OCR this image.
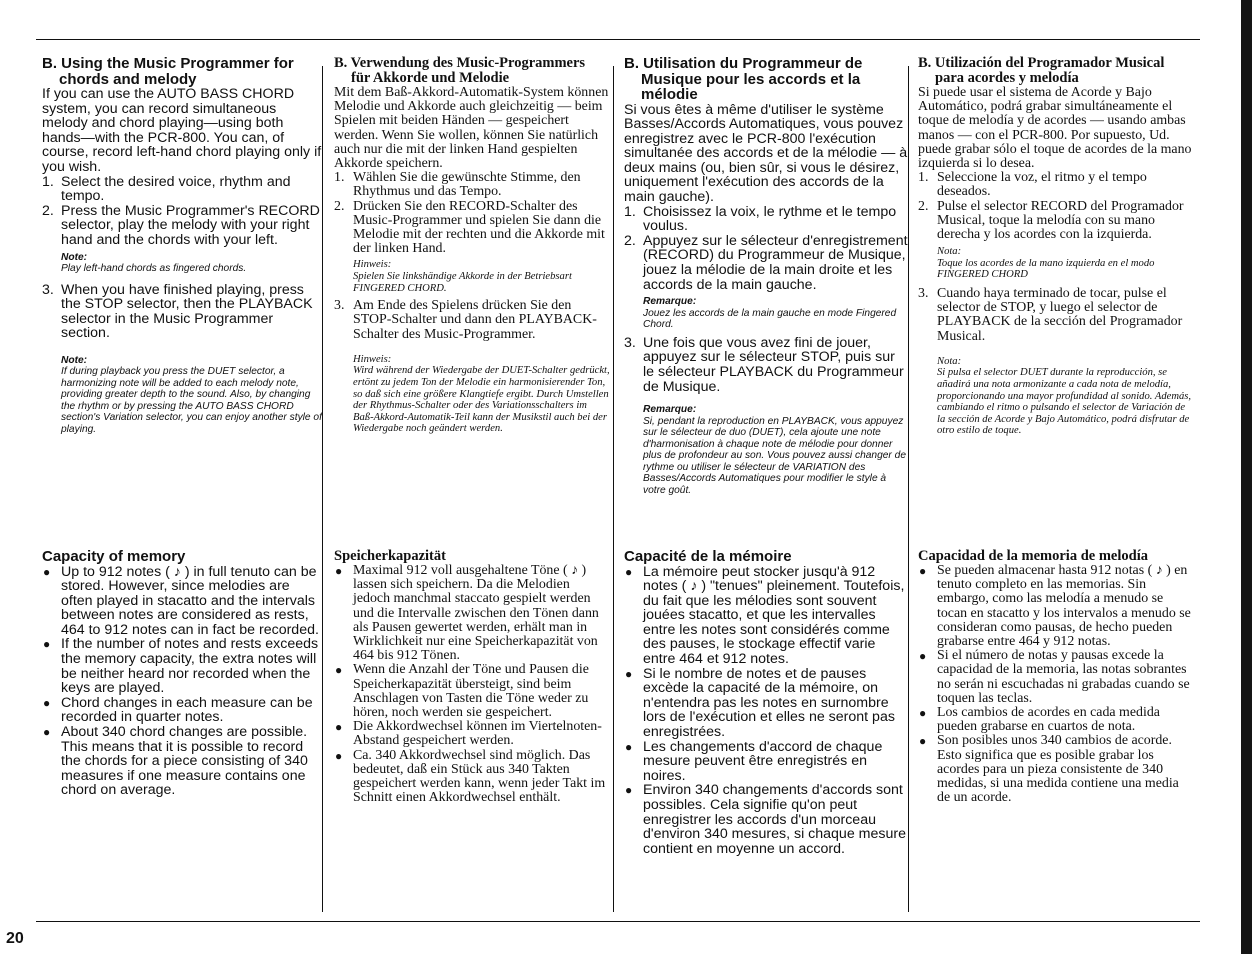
20
B. Using the Music Programmer for
chords and melody

If you can use the AUTO BASS CHORD system, you can record simultaneous melody and chord playing—using both hands—with the PCR-800. You can, of course, record left-hand chord playing only if you wish.

1. Select the desired voice, rhythm and tempo.
2. Press the Music Programmer's RECORD selector, play the melody with your right hand and the chords with your left.
Note:
Play left-hand chords as fingered chords.
3. When you have finished playing, press the STOP selector, then the PLAYBACK selector in the Music Programmer section.
Note:
If during playback you press the DUET selector, a harmonizing note will be added to each melody note, providing greater depth to the sound. Also, by changing the rhythm or by pressing the AUTO BASS CHORD section's Variation selector, you can enjoy another style of playing.
Capacity of memory
● Up to 912 notes ( ♪ ) in full tenuto can be stored. However, since melodies are often played in stacatto and the intervals between notes are considered as rests, 464 to 912 notes can in fact be recorded.
● If the number of notes and rests exceeds the memory capacity, the extra notes will be neither heard nor recorded when the keys are played.
● Chord changes in each measure can be recorded in quarter notes.
● About 340 chord changes are possible. This means that it is possible to record the chords for a piece consisting of 340 measures if one measure contains one chord on average.
B. Verwendung des Music-Programmers
für Akkorde und Melodie

Mit dem Baß-Akkord-Automatik-System können Melodie und Akkorde auch gleichzeitig — beim Spielen mit beiden Händen — gespeichert werden. Wenn Sie wollen, können Sie natürlich auch nur die mit der linken Hand gespielten Akkorde speichern.

1. Wählen Sie die gewünschte Stimme, den Rhythmus und das Tempo.
2. Drücken Sie den RECORD-Schalter des Music-Programmer und spielen Sie dann die Melodie mit der rechten und die Akkorde mit der linken Hand.
Hinweis:
Spielen Sie linkshändige Akkorde in der Betriebsart FINGERED CHORD.
3. Am Ende des Spielens drücken Sie den STOP-Schalter und dann den PLAYBACK-Schalter des Music-Programmer.
Hinweis:
Wird während der Wiedergabe der DUET-Schalter gedrückt, ertönt zu jedem Ton der Melodie ein harmonisierender Ton, so daß sich eine größere Klangtiefe ergibt. Durch Umstellen der Rhythmus-Schalter oder des Variationsschalters im Baß-Akkord-Automatik-Teil kann der Musikstil auch bei der Wiedergabe noch geändert werden.
Speicherkapazität
● Maximal 912 voll ausgehaltene Töne ( ♪ ) lassen sich speichern. Da die Melodien jedoch manchmal staccato gespielt werden und die Intervalle zwischen den Tönen dann als Pausen gewertet werden, erhält man in Wirklichkeit nur eine Speicherkapazität von 464 bis 912 Tönen.
● Wenn die Anzahl der Töne und Pausen die Speicherkapazität übersteigt, sind beim Anschlagen von Tasten die Töne weder zu hören, noch werden sie gespeichert.
● Die Akkordwechsel können im Viertelnoten-Abstand gespeichert werden.
● Ca. 340 Akkordwechsel sind möglich. Das bedeutet, daß ein Stück aus 340 Takten gespeichert werden kann, wenn jeder Takt im Schnitt einen Akkordwechsel enthält.
B. Utilisation du Programmeur de
Musique pour les accords et la mélodie

Si vous êtes à même d'utiliser le système Basses/Accords Automatiques, vous pouvez enregistrez avec le PCR-800 l'exécution simultanée des accords et de la mélodie — à deux mains (ou, bien sûr, si vous le désirez, uniquement l'exécution des accords de la main gauche).

1. Choisissez la voix, le rythme et le tempo voulus.
2. Appuyez sur le sélecteur d'enregistrement (RECORD) du Programmeur de Musique, jouez la mélodie de la main droite et les accords de la main gauche.
Remarque:
Jouez les accords de la main gauche en mode Fingered Chord.
3. Une fois que vous avez fini de jouer, appuyez sur le sélecteur STOP, puis sur le sélecteur PLAYBACK du Programmeur de Musique.
Remarque:
Si, pendant la reproduction en PLAYBACK, vous appuyez sur le sélecteur de duo (DUET), cela ajoute une note d'harmonisation à chaque note de mélodie pour donner plus de profondeur au son. Vous pouvez aussi changer de rythme ou utiliser le sélecteur de VARIATION des Basses/Accords Automatiques pour modifier le style à votre goût.
Capacité de la mémoire
● La mémoire peut stocker jusqu'à 912 notes ( ♪ ) "tenues" pleinement. Toutefois, du fait que les mélodies sont souvent jouées stacatto, et que les intervalles entre les notes sont considérés comme des pauses, le stockage effectif varie entre 464 et 912 notes.
● Si le nombre de notes et de pauses excède la capacité de la mémoire, on n'entendra pas les notes en surnombre lors de l'exécution et elles ne seront pas enregistrées.
● Les changements d'accord de chaque mesure peuvent être enregistrés en noires.
● Environ 340 changements d'accords sont possibles. Cela signifie qu'on peut enregistrer les accords d'un morceau d'environ 340 mesures, si chaque mesure contient en moyenne un accord.
B. Utilización del Programador Musical
para acordes y melodía

Si puede usar el sistema de Acorde y Bajo Automático, podrá grabar simultáneamente el toque de melodía y de acordes — usando ambas manos — con el PCR-800. Por supuesto, Ud. puede grabar sólo el toque de acordes de la mano izquierda si lo desea.

1. Seleccione la voz, el ritmo y el tempo deseados.
2. Pulse el selector RECORD del Programador Musical, toque la melodía con su mano derecha y los acordes con la izquierda.
Nota:
Toque los acordes de la mano izquierda en el modo FINGERED CHORD
3. Cuando haya terminado de tocar, pulse el selector de STOP, y luego el selector de PLAYBACK de la sección del Programador Musical.
Nota:
Si pulsa el selector DUET durante la reproducción, se añadirá una nota armonizante a cada nota de melodía, proporcionando una mayor profundidad al sonido. Además, cambiando el ritmo o pulsando el selector de Variación de la sección de Acorde y Bajo Automático, podrá disfrutar de otro estilo de toque.
Capacidad de la memoria de melodía
● Se pueden almacenar hasta 912 notas ( ♪ ) en tenuto completo en las memorias. Sin embargo, como las melodía a menudo se tocan en stacatto y los intervalos a menudo se consideran como pausas, de hecho pueden grabarse entre 464 y 912 notas.
● Si el número de notas y pausas excede la capacidad de la memoria, las notas sobrantes no serán ni escuchadas ni grabadas cuando se toquen las teclas.
● Los cambios de acordes en cada medida pueden grabarse en cuartos de nota.
● Son posibles unos 340 cambios de acorde. Esto significa que es posible grabar los acordes para un pieza consistente de 340 medidas, si una medida contiene una media de un acorde.
